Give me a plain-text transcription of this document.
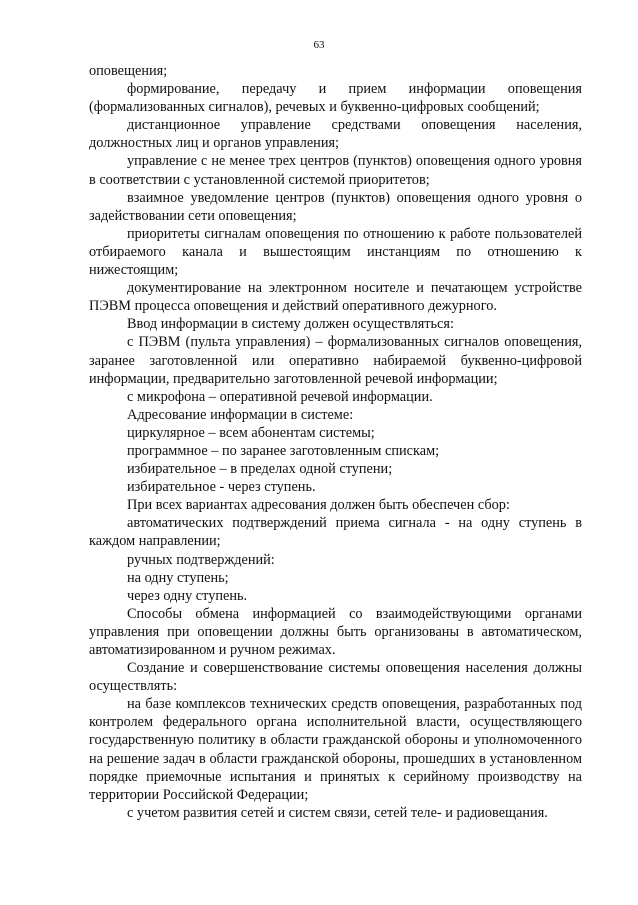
63

оповещения;

формирование, передачу и прием информации оповещения (формализованных сигналов), речевых и буквенно-цифровых сообщений;

дистанционное управление средствами оповещения населения, должностных лиц и органов управления;

управление с не менее трех центров (пунктов) оповещения одного уровня в соответствии с установленной системой приоритетов;

взаимное уведомление центров (пунктов) оповещения одного уровня о задействовании сети оповещения;

приоритеты сигналам оповещения по отношению к работе пользователей отбираемого канала и вышестоящим инстанциям по отношению к нижестоящим;

документирование на электронном носителе и печатающем устройстве ПЭВМ процесса оповещения и действий оперативного дежурного.

Ввод информации в систему должен осуществляться:

с ПЭВМ (пульта управления) – формализованных сигналов оповещения, заранее заготовленной или оперативно набираемой буквенно-цифровой информации, предварительно заготовленной речевой информации;

с микрофона – оперативной речевой информации.

Адресование информации в системе:

циркулярное – всем абонентам системы;

программное – по заранее заготовленным спискам;

избирательное – в пределах одной ступени;

избирательное - через ступень.

При всех вариантах адресования должен быть обеспечен сбор:

автоматических подтверждений приема сигнала - на одну ступень в каждом направлении;

ручных подтверждений:

на одну ступень;

через одну ступень.

Способы обмена информацией со взаимодействующими органами управления при оповещении должны быть организованы в автоматическом, автоматизированном и ручном режимах.

Создание и совершенствование системы оповещения населения должны осуществлять:

на базе комплексов технических средств оповещения, разработанных под контролем федерального органа исполнительной власти, осуществляющего государственную политику в области гражданской обороны и уполномоченного на решение задач в области гражданской обороны, прошедших в установленном порядке приемочные испытания и принятых к серийному производству на территории Российской Федерации;

с учетом развития сетей и систем связи, сетей теле- и радиовещания.
